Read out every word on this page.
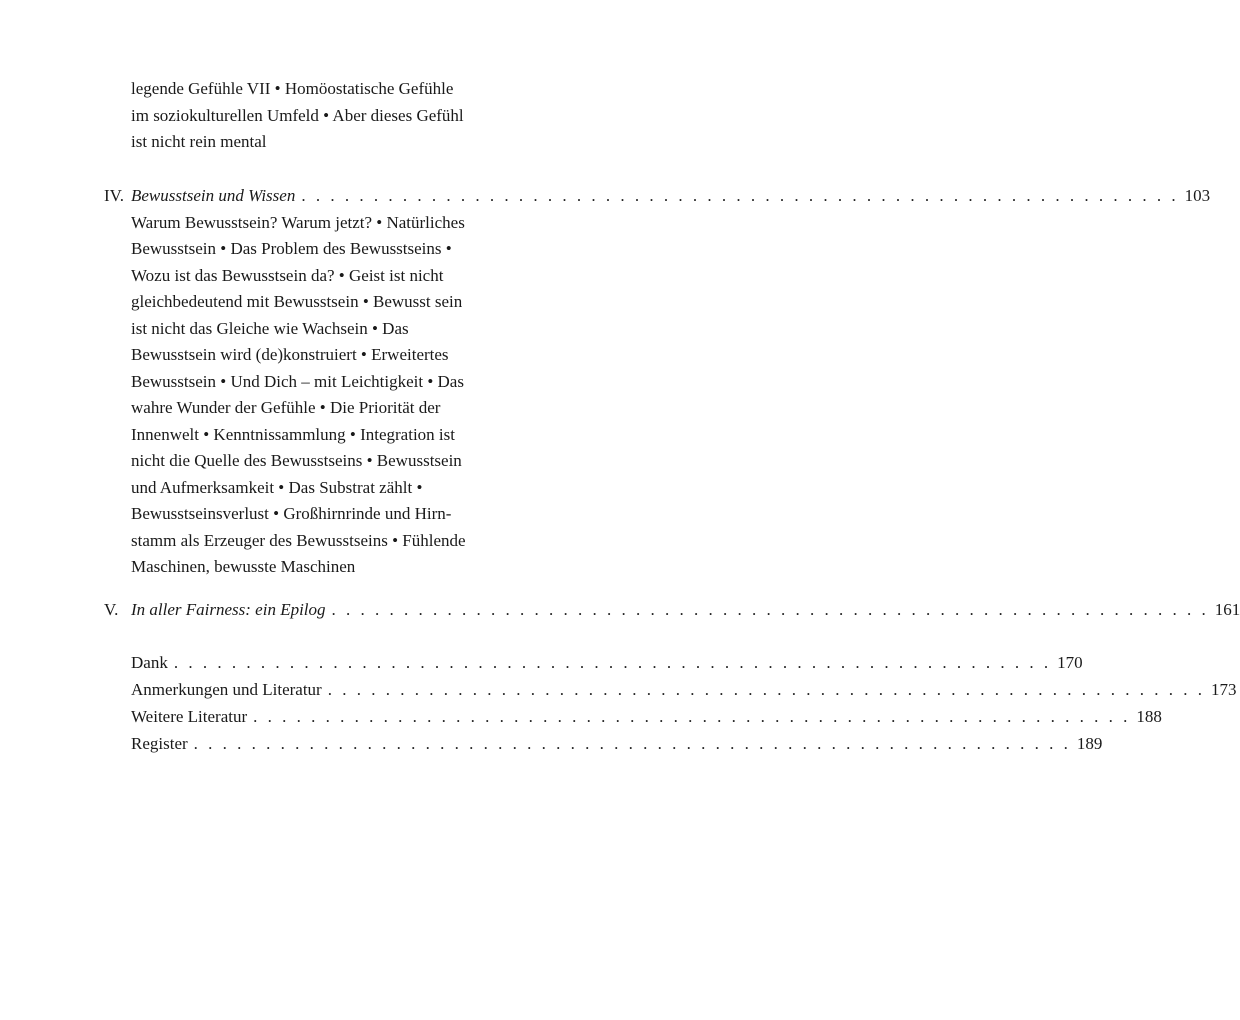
legende Gefühle VII • Homöostatische Gefühle
im soziokulturellen Umfeld • Aber dieses Gefühl
ist nicht rein mental
IV. Bewusstsein und Wissen . . . . . . . . . . . . . . . . . . . . . . . . . . . . . . . . . . . . . . . . . . . . . . . . . . . . . . . . . . . . . 103
Warum Bewusstsein? Warum jetzt? • Natürliches
Bewusstsein • Das Problem des Bewusstseins •
Wozu ist das Bewusstsein da? • Geist ist nicht
gleichbedeutend mit Bewusstsein • Bewusst sein
ist nicht das Gleiche wie Wachsein • Das
Bewusstsein wird (de)konstruiert • Erweitertes
Bewusstsein • Und Dich – mit Leichtigkeit • Das
wahre Wunder der Gefühle • Die Priorität der
Innenwelt • Kenntnissammlung • Integration ist
nicht die Quelle des Bewusstseins • Bewusstsein
und Aufmerksamkeit • Das Substrat zählt •
Bewusstseinsverlust • Großhirnrinde und Hirn-
stamm als Erzeuger des Bewusstseins • Fühlende
Maschinen, bewusste Maschinen
V. In aller Fairness: ein Epilog . . . . . . . . . . . . . . . . . . . . . . . . . . . . . . . . . . . . . . . . . . . . . . . . . . . . . . . . . . . . . 161
Dank . . . . . . . . . . . . . . . . . . . . . . . . . . . . . . . . . . . . . . . . . . . . . . . . . . . . . . . . . . . . . 170
Anmerkungen und Literatur . . . . . . . . . . . . . . . . . . . . . . . . . . . . . . . . . . . . . . . . . . . . . . . . . . . . . . . . . . . . . 173
Weitere Literatur . . . . . . . . . . . . . . . . . . . . . . . . . . . . . . . . . . . . . . . . . . . . . . . . . . . . . . . . . . . . . 188
Register . . . . . . . . . . . . . . . . . . . . . . . . . . . . . . . . . . . . . . . . . . . . . . . . . . . . . . . . . . . . . 189
